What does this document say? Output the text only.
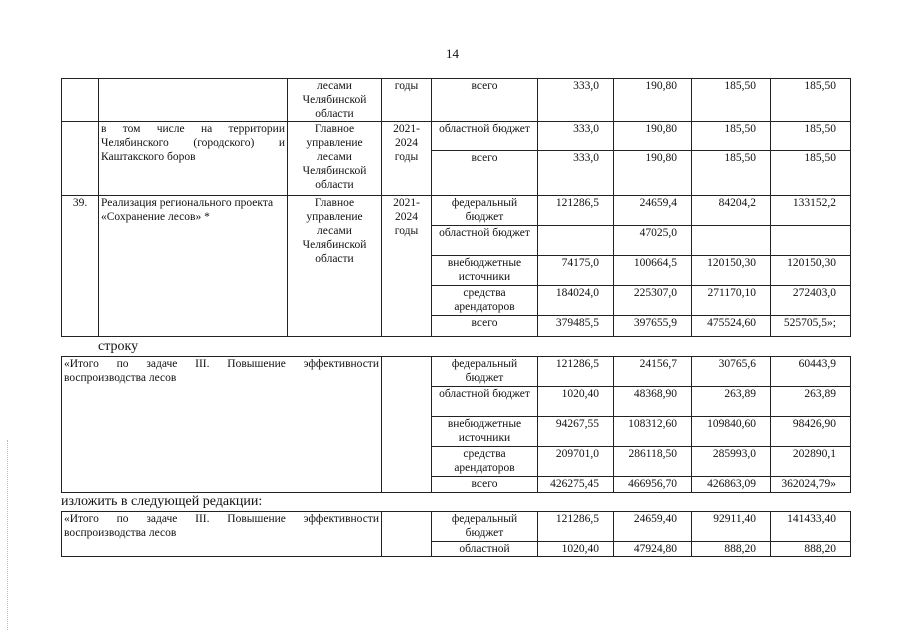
14
		лесами Челябинской области	годы	всего	333,0	190,80	185,50	185,50
	в том числе на территории Челябинского (городского) и Каштакского боров	Главное управление лесами Челябинской области	2021-2024 годы	областной бюджет	333,0	190,80	185,50	185,50
				всего	333,0	190,80	185,50	185,50
39.	Реализация регионального проекта «Сохранение лесов» *	Главное управление лесами Челябинской области	2021-2024 годы	федеральный бюджет	121286,5	24659,4	84204,2	133152,2
				областной бюджет		47025,0		
				внебюджетные источники	74175,0	100664,5	120150,30	120150,30
				средства арендаторов	184024,0	225307,0	271170,10	272403,0
				всего	379485,5	397655,9	475524,60	525705,5»;
строку
«Итого по задаче III. Повышение эффективности воспроизводства лесов		федеральный бюджет	121286,5	24156,7	30765,6	60443,9
		областной бюджет	1020,40	48368,90	263,89	263,89
		внебюджетные источники	94267,55	108312,60	109840,60	98426,90
		средства арендаторов	209701,0	286118,50	285993,0	202890,1
		всего	426275,45	466956,70	426863,09	362024,79»
изложить в следующей редакции:
«Итого по задаче III. Повышение эффективности воспроизводства лесов		федеральный бюджет	121286,5	24659,40	92911,40	141433,40
		областной	1020,40	47924,80	888,20	888,20
